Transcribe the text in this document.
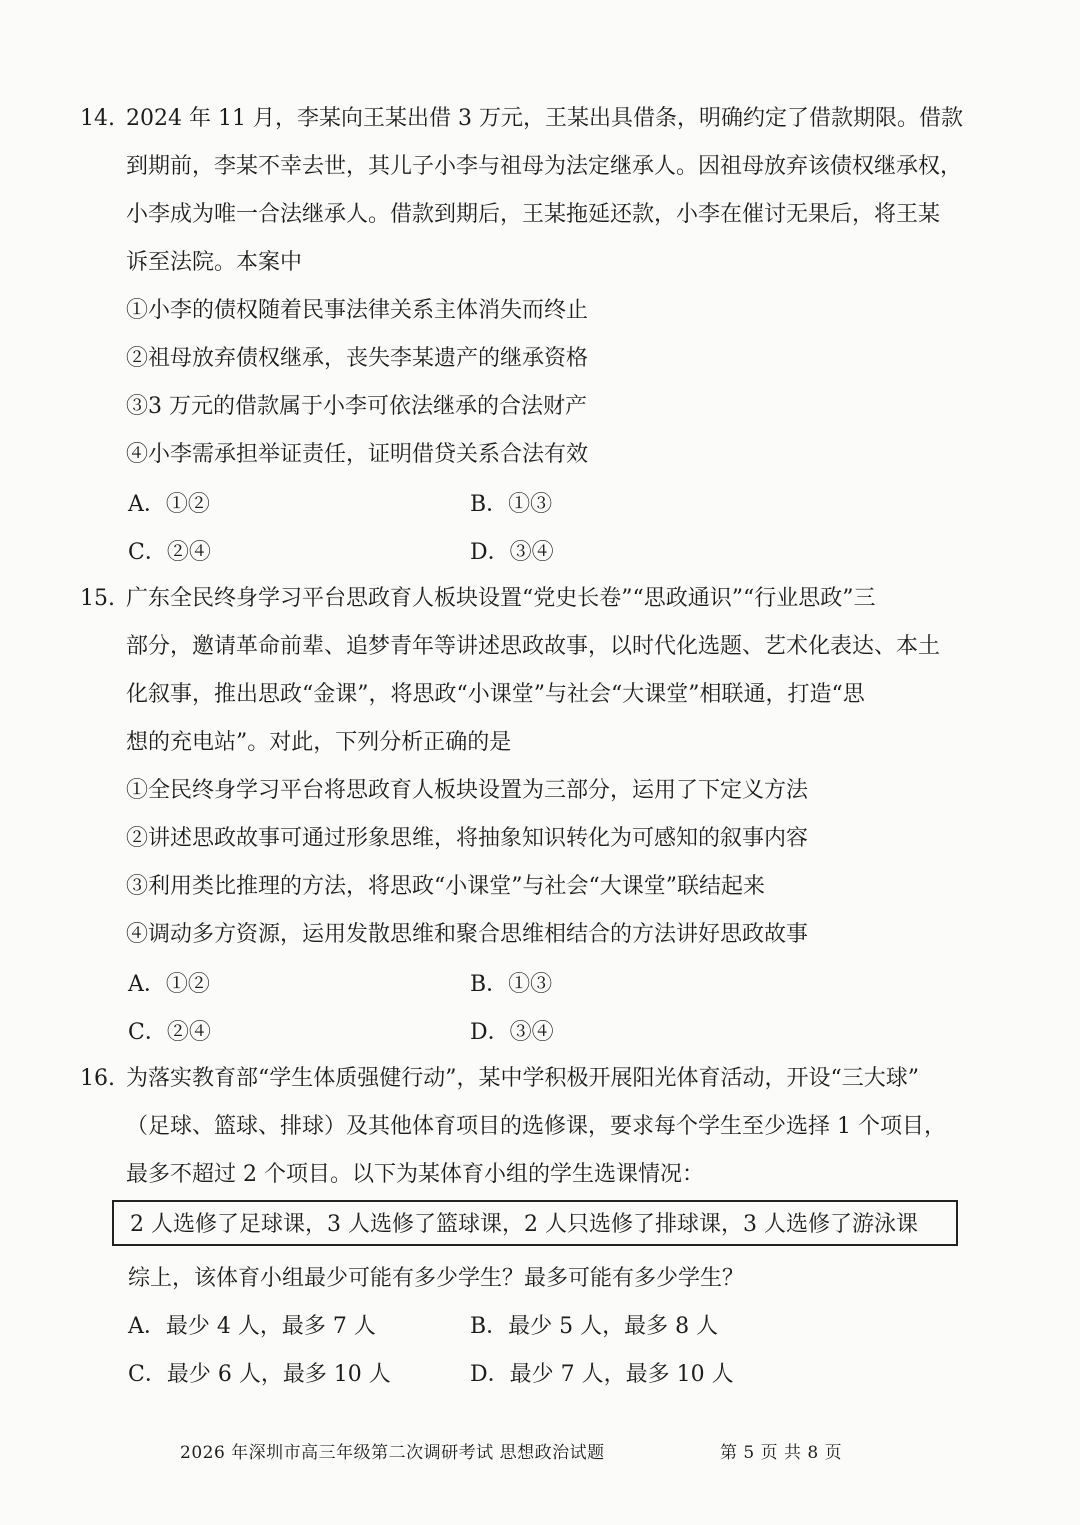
14. 2024 年 11 月，李某向王某出借 3 万元，王某出具借条，明确约定了借款期限。借款
到期前，李某不幸去世，其儿子小李与祖母为法定继承人。因祖母放弃该债权继承权，
小李成为唯一合法继承人。借款到期后，王某拖延还款，小李在催讨无果后，将王某
诉至法院。本案中
①小李的债权随着民事法律关系主体消失而终止
②祖母放弃债权继承，丧失李某遗产的继承资格
③3 万元的借款属于小李可依法继承的合法财产
④小李需承担举证责任，证明借贷关系合法有效
A．①②	B．①③
C．②④	D．③④
15. 广东全民终身学习平台思政育人板块设置“党史长卷”“思政通识”“行业思政”三
部分，邀请革命前辈、追梦青年等讲述思政故事，以时代化选题、艺术化表达、本土
化叙事，推出思政“金课”，将思政“小课堂”与社会“大课堂”相联通，打造“思
想的充电站”。对此，下列分析正确的是
①全民终身学习平台将思政育人板块设置为三部分，运用了下定义方法
②讲述思政故事可通过形象思维，将抽象知识转化为可感知的叙事内容
③利用类比推理的方法，将思政“小课堂”与社会“大课堂”联结起来
④调动多方资源，运用发散思维和聚合思维相结合的方法讲好思政故事
A．①②	B．①③
C．②④	D．③④
16. 为落实教育部“学生体质强健行动”，某中学积极开展阳光体育活动，开设“三大球”
（足球、篮球、排球）及其他体育项目的选修课，要求每个学生至少选择 1 个项目，
最多不超过 2 个项目。以下为某体育小组的学生选课情况：
2 人选修了足球课，3 人选修了篮球课，2 人只选修了排球课，3 人选修了游泳课
综上，该体育小组最少可能有多少学生？最多可能有多少学生？
A．最少 4 人，最多 7 人	B．最少 5 人，最多 8 人
C．最少 6 人，最多 10 人	D．最少 7 人，最多 10 人
2026 年深圳市高三年级第二次调研考试 思想政治试题	第 5 页 共 8 页
